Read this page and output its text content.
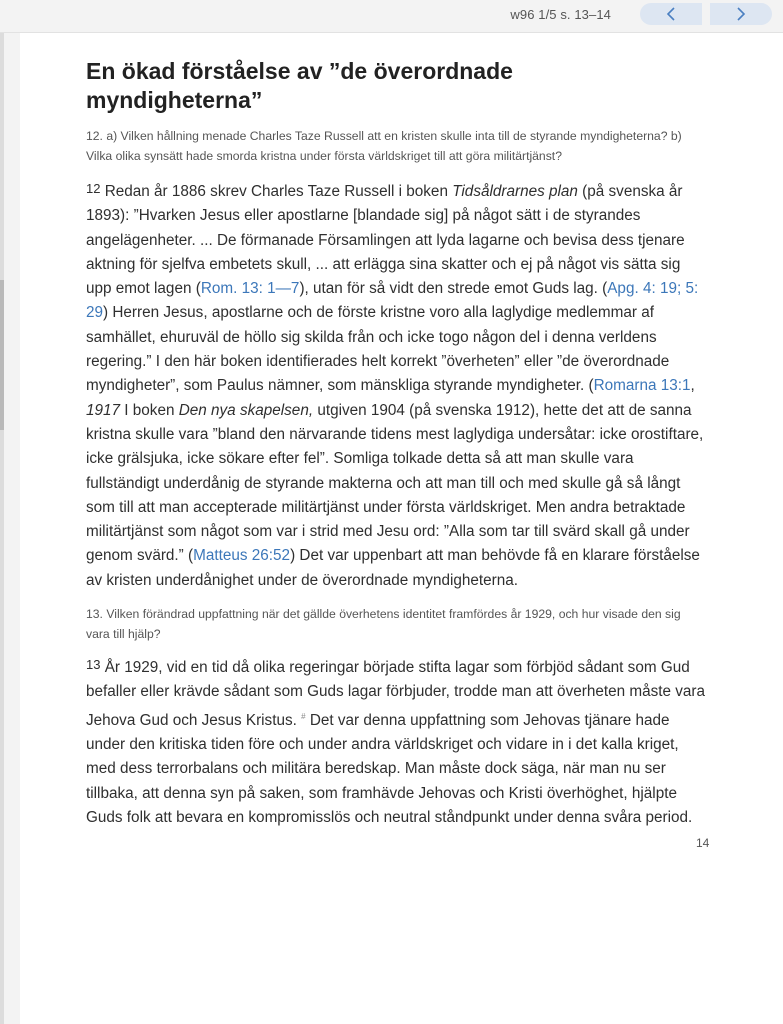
w96 1/5 s. 13–14
En ökad förståelse av ”de överordnade myndigheterna”

12. a) Vilken hållning menade Charles Taze Russell att en kristen skulle inta till de styrande myndigheterna? b) Vilka olika synsätt hade smorda kristna under första världskriget till att göra militärtjänst?

$^{12}$ Redan år 1886 skrev Charles Taze Russell i boken Tidsåldrarnes plan (på svenska år 1893): ”Hvarken Jesus eller apostlarne [blandade sig] på något sätt i de styrandes angelägenheter. ... De förmanade Församlingen att lyda lagarne och bevisa dess tjenare aktning för sjelfva embetets skull, ... att erlägga sina skatter och ej på något vis sätta sig upp emot lagen (Rom. 13: 1—7), utan för så vidt den strede emot Guds lag. (Apg. 4: 19; 5: 29) Herren Jesus, apostlarne och de förste kristne voro alla laglydige medlemmar af samhället, ehuruväl de höllo sig skilda från och icke togo någon del i denna verldens regering.” I den här boken identifierades helt korrekt ”överheten” eller ”de överordnade myndigheter”, som Paulus nämner, som mänskliga styrande myndigheter. (Romarna 13:1, 1917 I boken Den nya skapelsen, utgiven 1904 (på svenska 1912), hette det att de sanna kristna skulle vara ”bland den närvarande tidens mest laglydiga undersåtar: icke orostiftare, icke grälsjuka, icke sökare efter fel”. Somliga tolkade detta så att man skulle vara fullständigt underdånig de styrande makterna och att man till och med skulle gå så långt som till att man accepterade militärtjänst under första världskriget. Men andra betraktade militärtjänst som något som var i strid med Jesu ord: ”Alla som tar till svärd skall gå under genom svärd.” (Matteus 26:52) Det var uppenbart att man behövde få en klarare förståelse av kristen underdånighet under de överordnade myndigheterna.

13. Vilken förändrad uppfattning när det gällde överhetens identitet framfördes år 1929, och hur visade den sig vara till hjälp?

$^{13}$ År 1929, vid en tid då olika regeringar började stifta lagar som förbjöd sådant som Gud befaller eller krävde sådant som Guds lagar förbjuder, trodde man att överheten måste vara Jehova Gud och Jesus Kristus. # Det var denna uppfattning som Jehovas tjänare hade under den kritiska tiden före och under andra världskriget och vidare in i det kalla kriget, med dess terrorbalans och militära beredskap. Man måste dock säga, när man nu ser tillbaka, att denna syn på saken, som framhävde Jehovas och Kristi överhöghet, hjälpte Guds folk att bevara en kompromisslös och neutral ståndpunkt under denna svåra period.

14
